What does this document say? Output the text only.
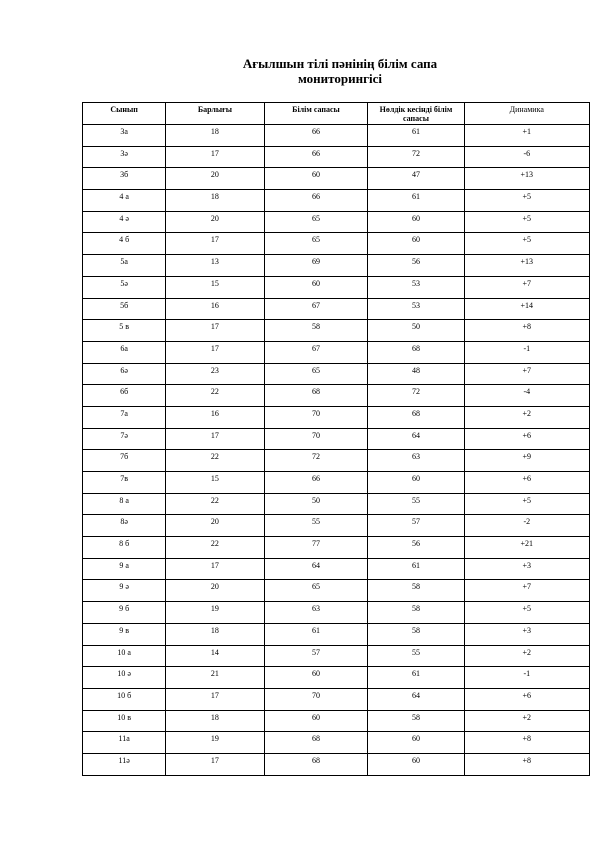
Ағылшын тілі пәнінің білім сапа
мониторингісі
Сынып	Барлығы	Білім сапасы	Нөлдік кесінді білім сапасы	Динамика
3а	18	66	61	+1
3ә	17	66	72	-6
3б	20	60	47	+13
4 а	18	66	61	+5
4 ә	20	65	60	+5
4 б	17	65	60	+5
5а	13	69	56	+13
5ә	15	60	53	+7
5б	16	67	53	+14
5 в	17	58	50	+8
6а	17	67	68	-1
6ә	23	65	48	+7
6б	22	68	72	-4
7а	16	70	68	+2
7ә	17	70	64	+6
7б	22	72	63	+9
7в	15	66	60	+6
8 а	22	50	55	+5
8ә	20	55	57	-2
8 б	22	77	56	+21
9 а	17	64	61	+3
9 ә	20	65	58	+7
9 б	19	63	58	+5
9 в	18	61	58	+3
10 а	14	57	55	+2
10 ә	21	60	61	-1
10 б	17	70	64	+6
10 в	18	60	58	+2
11а	19	68	60	+8
11ә	17	68	60	+8
